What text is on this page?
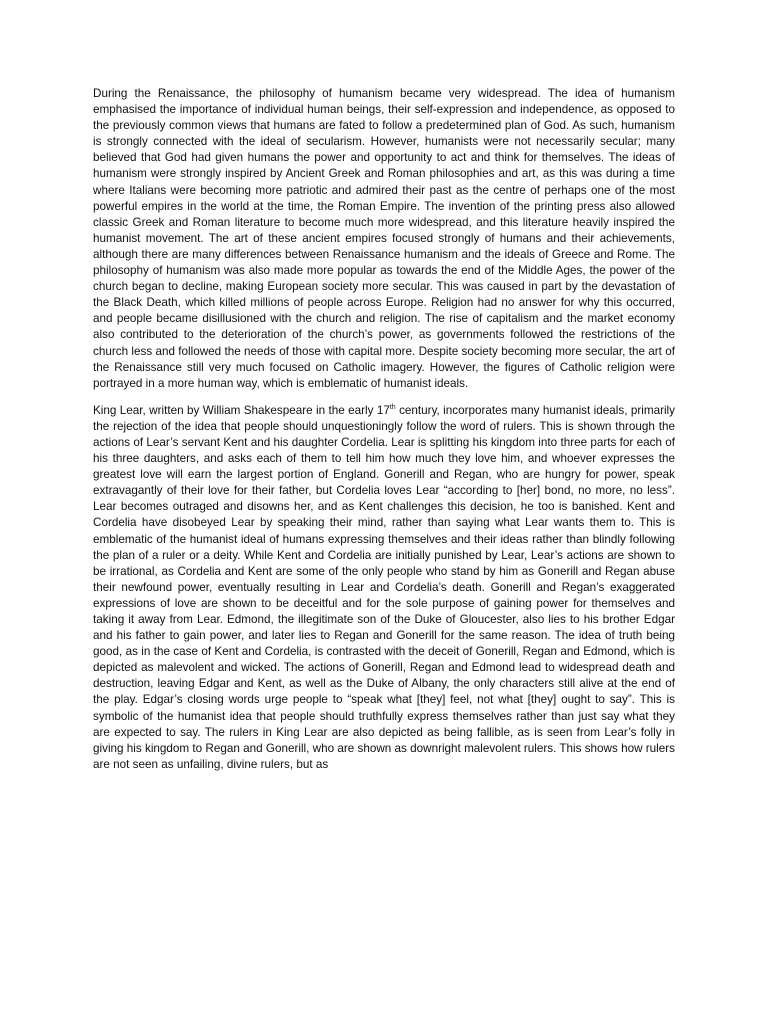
During the Renaissance, the philosophy of humanism became very widespread. The idea of humanism emphasised the importance of individual human beings, their self-expression and independence, as opposed to the previously common views that humans are fated to follow a predetermined plan of God. As such, humanism is strongly connected with the ideal of secularism. However, humanists were not necessarily secular; many believed that God had given humans the power and opportunity to act and think for themselves. The ideas of humanism were strongly inspired by Ancient Greek and Roman philosophies and art, as this was during a time where Italians were becoming more patriotic and admired their past as the centre of perhaps one of the most powerful empires in the world at the time, the Roman Empire. The invention of the printing press also allowed classic Greek and Roman literature to become much more widespread, and this literature heavily inspired the humanist movement. The art of these ancient empires focused strongly of humans and their achievements, although there are many differences between Renaissance humanism and the ideals of Greece and Rome. The philosophy of humanism was also made more popular as towards the end of the Middle Ages, the power of the church began to decline, making European society more secular. This was caused in part by the devastation of the Black Death, which killed millions of people across Europe. Religion had no answer for why this occurred, and people became disillusioned with the church and religion. The rise of capitalism and the market economy also contributed to the deterioration of the church’s power, as governments followed the restrictions of the church less and followed the needs of those with capital more. Despite society becoming more secular, the art of the Renaissance still very much focused on Catholic imagery. However, the figures of Catholic religion were portrayed in a more human way, which is emblematic of humanist ideals.

King Lear, written by William Shakespeare in the early 17th century, incorporates many humanist ideals, primarily the rejection of the idea that people should unquestioningly follow the word of rulers. This is shown through the actions of Lear’s servant Kent and his daughter Cordelia. Lear is splitting his kingdom into three parts for each of his three daughters, and asks each of them to tell him how much they love him, and whoever expresses the greatest love will earn the largest portion of England. Gonerill and Regan, who are hungry for power, speak extravagantly of their love for their father, but Cordelia loves Lear “according to [her] bond, no more, no less”. Lear becomes outraged and disowns her, and as Kent challenges this decision, he too is banished. Kent and Cordelia have disobeyed Lear by speaking their mind, rather than saying what Lear wants them to. This is emblematic of the humanist ideal of humans expressing themselves and their ideas rather than blindly following the plan of a ruler or a deity. While Kent and Cordelia are initially punished by Lear, Lear’s actions are shown to be irrational, as Cordelia and Kent are some of the only people who stand by him as Gonerill and Regan abuse their newfound power, eventually resulting in Lear and Cordelia’s death. Gonerill and Regan’s exaggerated expressions of love are shown to be deceitful and for the sole purpose of gaining power for themselves and taking it away from Lear. Edmond, the illegitimate son of the Duke of Gloucester, also lies to his brother Edgar and his father to gain power, and later lies to Regan and Gonerill for the same reason. The idea of truth being good, as in the case of Kent and Cordelia, is contrasted with the deceit of Gonerill, Regan and Edmond, which is depicted as malevolent and wicked. The actions of Gonerill, Regan and Edmond lead to widespread death and destruction, leaving Edgar and Kent, as well as the Duke of Albany, the only characters still alive at the end of the play. Edgar’s closing words urge people to “speak what [they] feel, not what [they] ought to say”. This is symbolic of the humanist idea that people should truthfully express themselves rather than just say what they are expected to say. The rulers in King Lear are also depicted as being fallible, as is seen from Lear’s folly in giving his kingdom to Regan and Gonerill, who are shown as downright malevolent rulers. This shows how rulers are not seen as unfailing, divine rulers, but as
